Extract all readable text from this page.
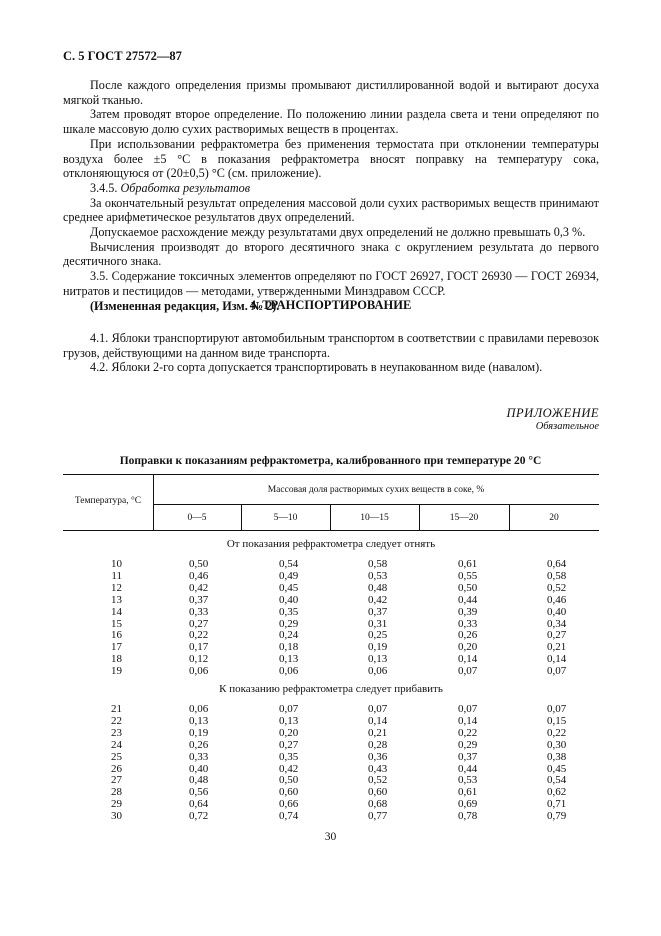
С. 5 ГОСТ 27572—87

После каждого определения призмы промывают дистиллированной водой и вытирают досуха мягкой тканью.

Затем проводят второе определение. По положению линии раздела света и тени определяют по шкале массовую долю сухих растворимых веществ в процентах.

При использовании рефрактометра без применения термостата при отклонении температуры воздуха более ±5 °С в показания рефрактометра вносят поправку на температуру сока, отклоняющуюся от (20±0,5) °С (см. приложение).

3.4.5. Обработка результатов

За окончательный результат определения массовой доли сухих растворимых веществ принимают среднее арифметическое результатов двух определений.

Допускаемое расхождение между результатами двух определений не должно превышать 0,3 %.

Вычисления производят до второго десятичного знака с округлением результата до первого десятичного знака.

3.5. Содержание токсичных элементов определяют по ГОСТ 26927, ГОСТ 26930 — ГОСТ 26934, нитратов и пестицидов — методами, утвержденными Минздравом СССР.

(Измененная редакция, Изм. № 2).

4. ТРАНСПОРТИРОВАНИЕ

4.1. Яблоки транспортируют автомобильным транспортом в соответствии с правилами перевозок грузов, действующими на данном виде транспорта.

4.2. Яблоки 2-го сорта допускается транспортировать в неупакованном виде (навалом).

ПРИЛОЖЕНИЕ
Обязательное
Поправки к показаниям рефрактометра, калиброванного при температуре 20 °С
Температура, °С
Массовая доля растворимых сухих веществ в соке, %
0—5	5—10	10—15	15—20	20
От показания рефрактометра следует отнять
К показанию рефрактометра следует прибавить
10	0,50	0,54	0,58	0,61	0,64
11	0,46	0,49	0,53	0,55	0,58
12	0,42	0,45	0,48	0,50	0,52
13	0,37	0,40	0,42	0,44	0,46
14	0,33	0,35	0,37	0,39	0,40
15	0,27	0,29	0,31	0,33	0,34
16	0,22	0,24	0,25	0,26	0,27
17	0,17	0,18	0,19	0,20	0,21
18	0,12	0,13	0,13	0,14	0,14
19	0,06	0,06	0,06	0,07	0,07
21	0,06	0,07	0,07	0,07	0,07
22	0,13	0,13	0,14	0,14	0,15
23	0,19	0,20	0,21	0,22	0,22
24	0,26	0,27	0,28	0,29	0,30
25	0,33	0,35	0,36	0,37	0,38
26	0,40	0,42	0,43	0,44	0,45
27	0,48	0,50	0,52	0,53	0,54
28	0,56	0,60	0,60	0,61	0,62
29	0,64	0,66	0,68	0,69	0,71
30	0,72	0,74	0,77	0,78	0,79
30
